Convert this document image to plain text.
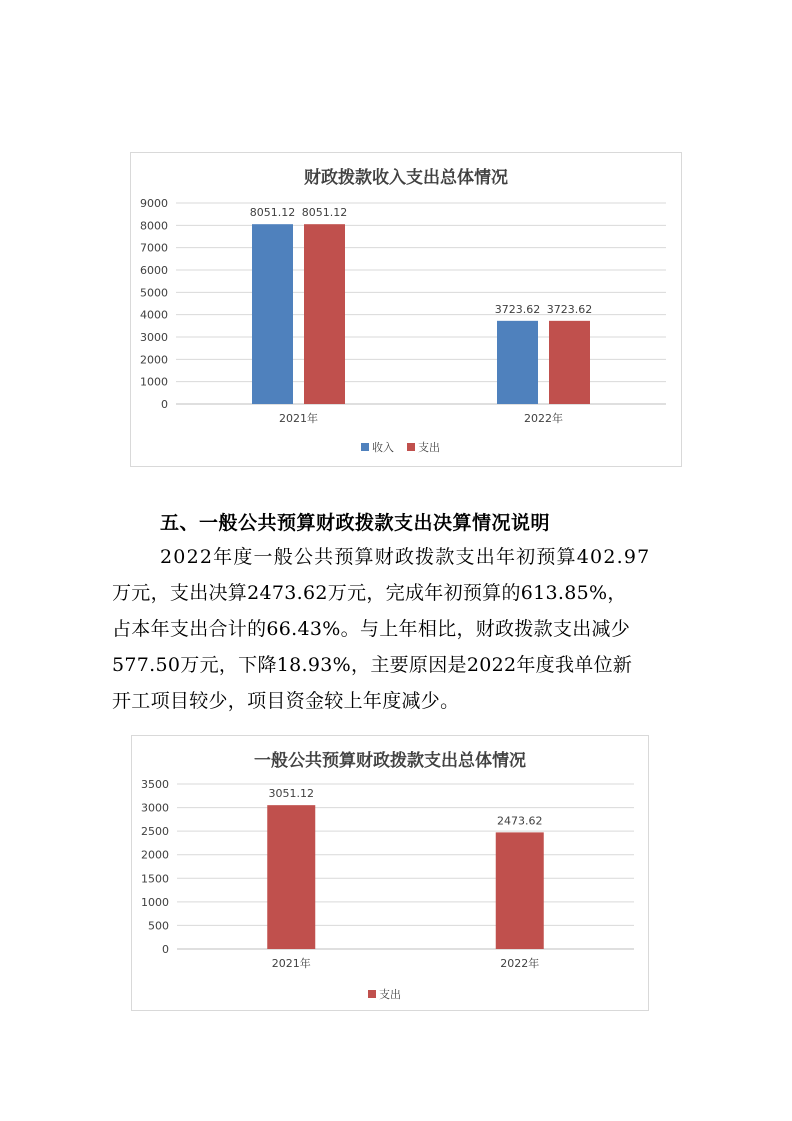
财政拨款收入支出总体情况
0
1000
2000
3000
4000
5000
6000
7000
8000
9000
8051.12 8051.12
2021年
3723.62 3723.62
2022年
收入 支出
五、一般公共预算财政拨款支出决算情况说明
2022年度一般公共预算财政拨款支出年初预算402.97
万元，支出决算2473.62万元，完成年初预算的613.85%，
占本年支出合计的66.43%。与上年相比，财政拨款支出减少
577.50万元，下降18.93%，主要原因是2022年度我单位新
开工项目较少，项目资金较上年度减少。
一般公共预算财政拨款支出总体情况
0
500
1000
1500
2000
2500
3000
3500
3051.12
2021年
2473.62
2022年
支出
